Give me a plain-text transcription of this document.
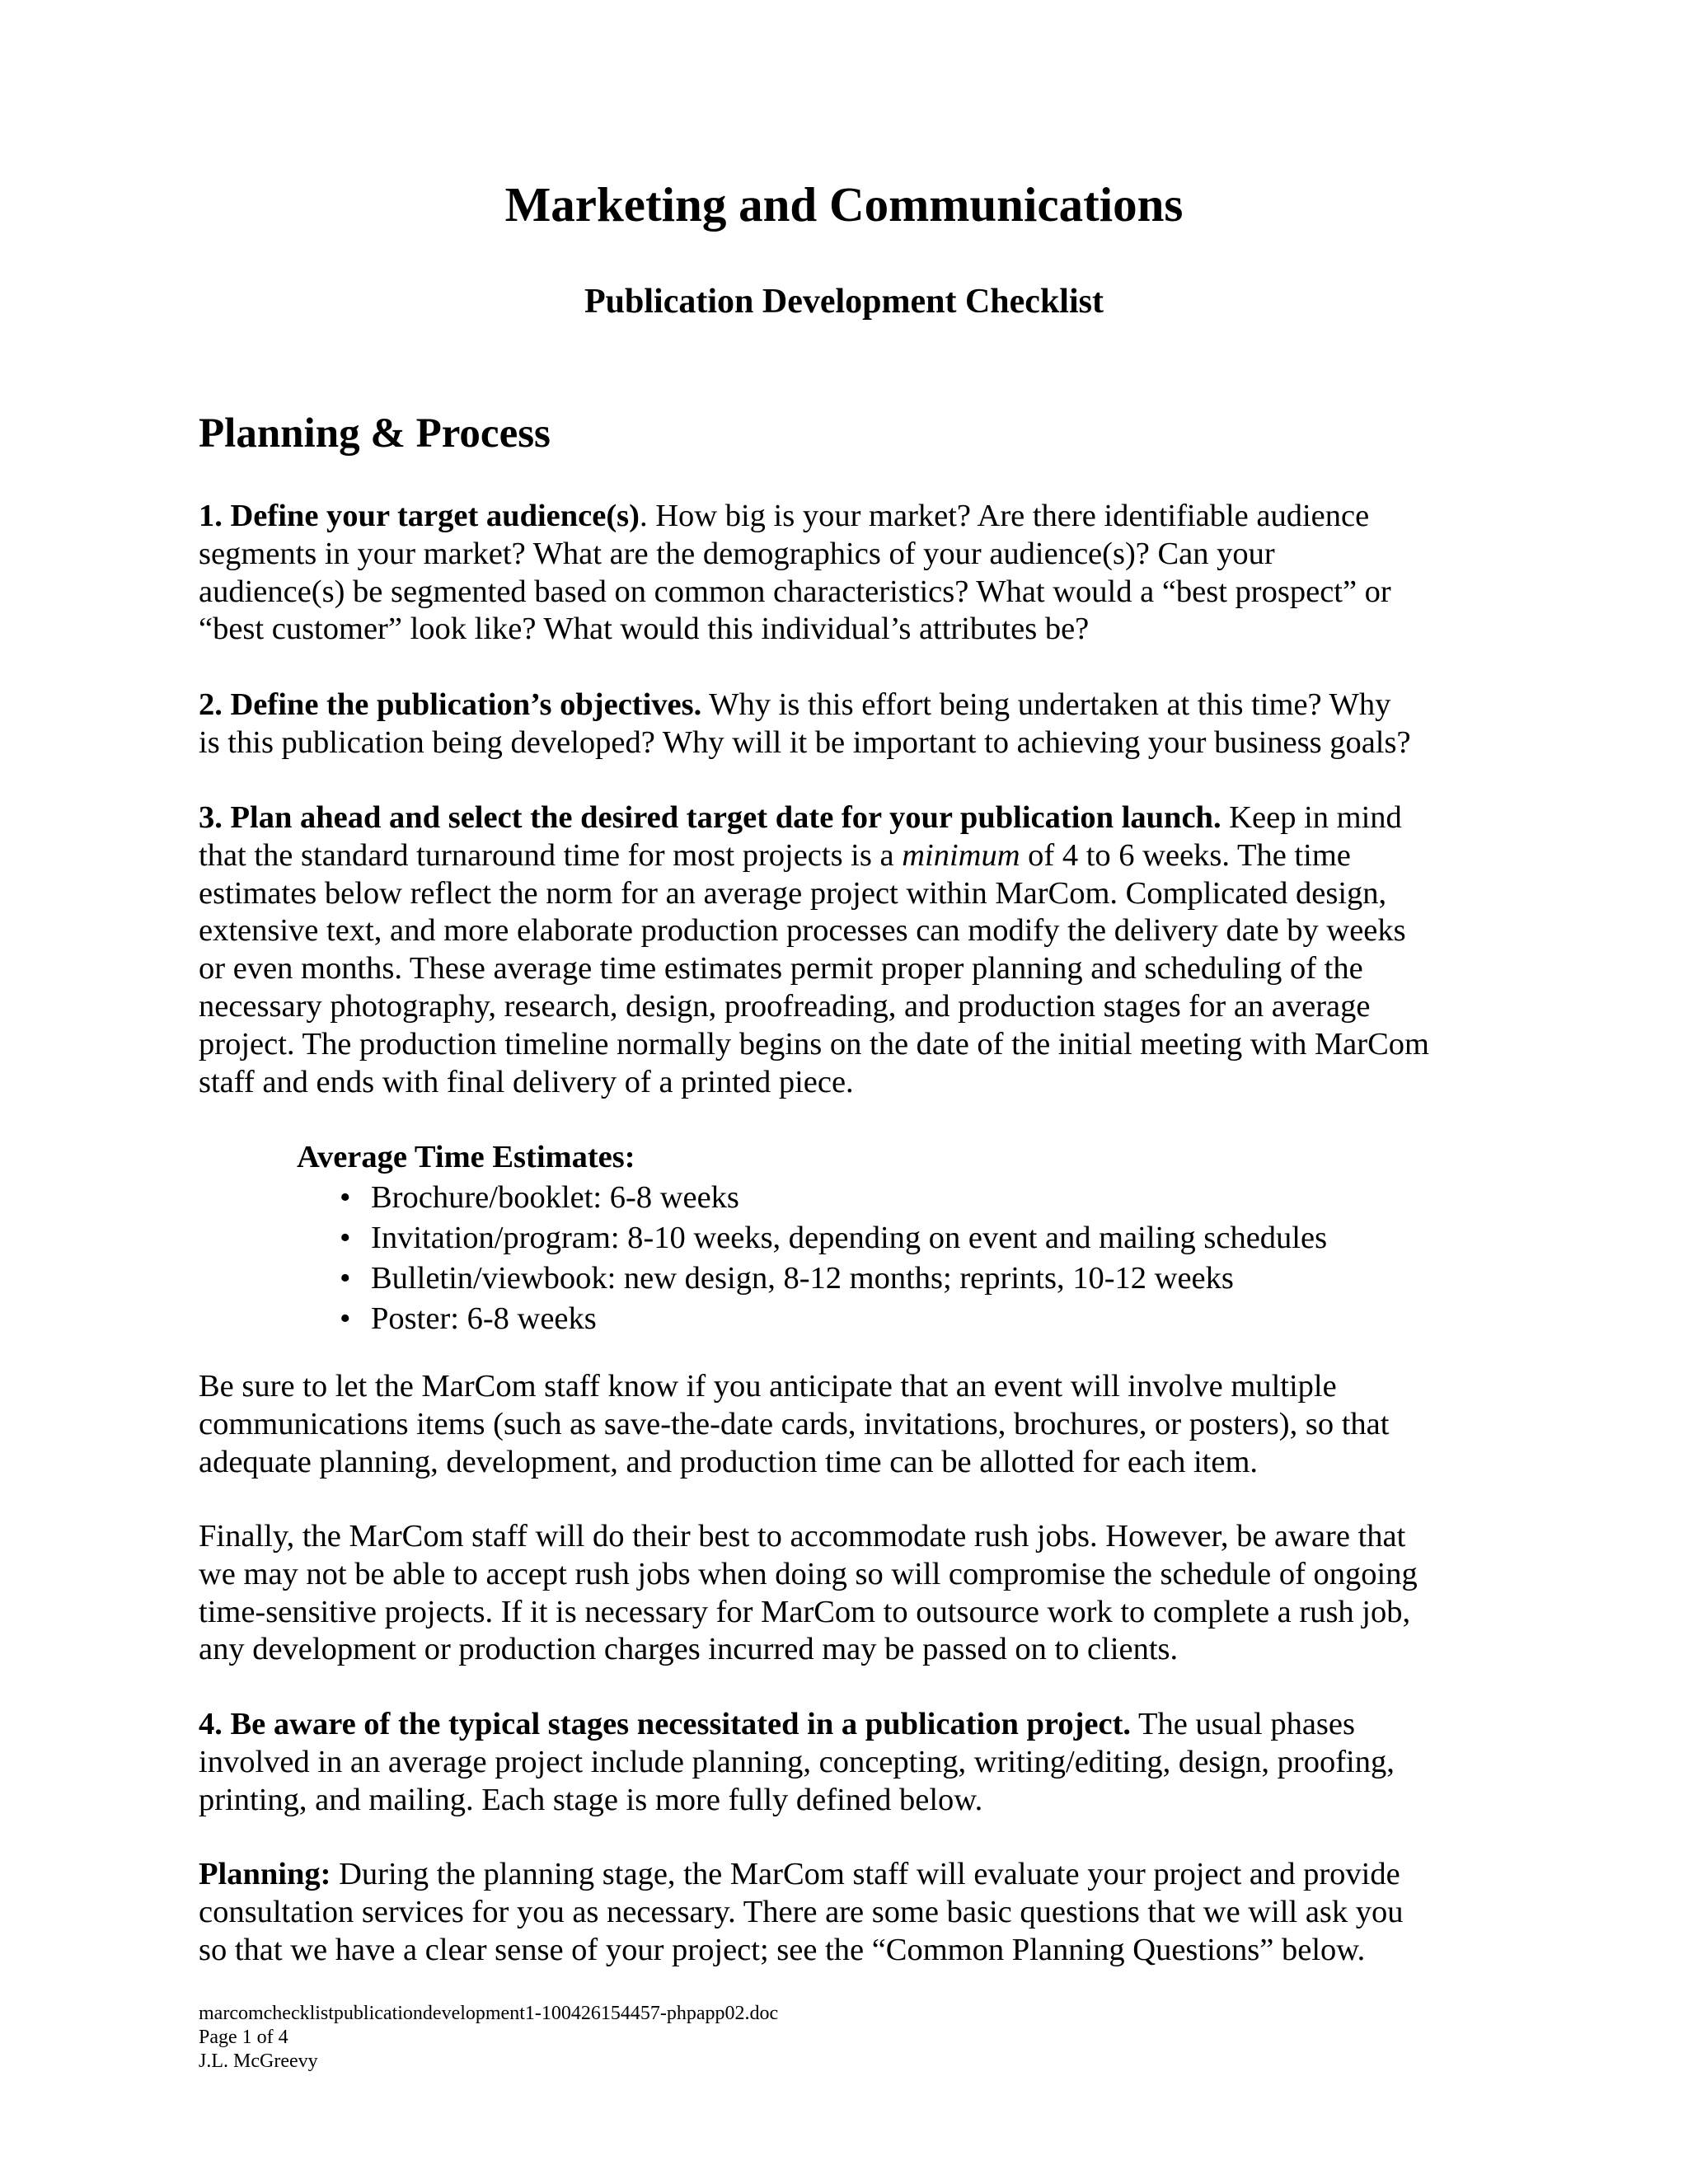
Marketing and Communications
Publication Development Checklist
Planning & Process

1. Define your target audience(s). How big is your market? Are there identifiable audience
segments in your market? What are the demographics of your audience(s)? Can your
audience(s) be segmented based on common characteristics? What would a “best prospect” or
“best customer” look like? What would this individual’s attributes be?

2. Define the publication’s objectives. Why is this effort being undertaken at this time? Why
is this publication being developed? Why will it be important to achieving your business goals?

3. Plan ahead and select the desired target date for your publication launch. Keep in mind
that the standard turnaround time for most projects is a minimum of 4 to 6 weeks. The time
estimates below reflect the norm for an average project within MarCom. Complicated design,
extensive text, and more elaborate production processes can modify the delivery date by weeks
or even months. These average time estimates permit proper planning and scheduling of the
necessary photography, research, design, proofreading, and production stages for an average
project. The production timeline normally begins on the date of the initial meeting with MarCom
staff and ends with final delivery of a printed piece.

Average Time Estimates:
• Brochure/booklet: 6-8 weeks
• Invitation/program: 8-10 weeks, depending on event and mailing schedules
• Bulletin/viewbook: new design, 8-12 months; reprints, 10-12 weeks
• Poster: 6-8 weeks

Be sure to let the MarCom staff know if you anticipate that an event will involve multiple
communications items (such as save-the-date cards, invitations, brochures, or posters), so that
adequate planning, development, and production time can be allotted for each item.

Finally, the MarCom staff will do their best to accommodate rush jobs. However, be aware that
we may not be able to accept rush jobs when doing so will compromise the schedule of ongoing
time-sensitive projects. If it is necessary for MarCom to outsource work to complete a rush job,
any development or production charges incurred may be passed on to clients.

4. Be aware of the typical stages necessitated in a publication project. The usual phases
involved in an average project include planning, concepting, writing/editing, design, proofing,
printing, and mailing. Each stage is more fully defined below.

Planning: During the planning stage, the MarCom staff will evaluate your project and provide
consultation services for you as necessary. There are some basic questions that we will ask you
so that we have a clear sense of your project; see the “Common Planning Questions” below.

marcomchecklistpublicationdevelopment1-100426154457-phpapp02.doc
Page 1 of 4
J.L. McGreevy
